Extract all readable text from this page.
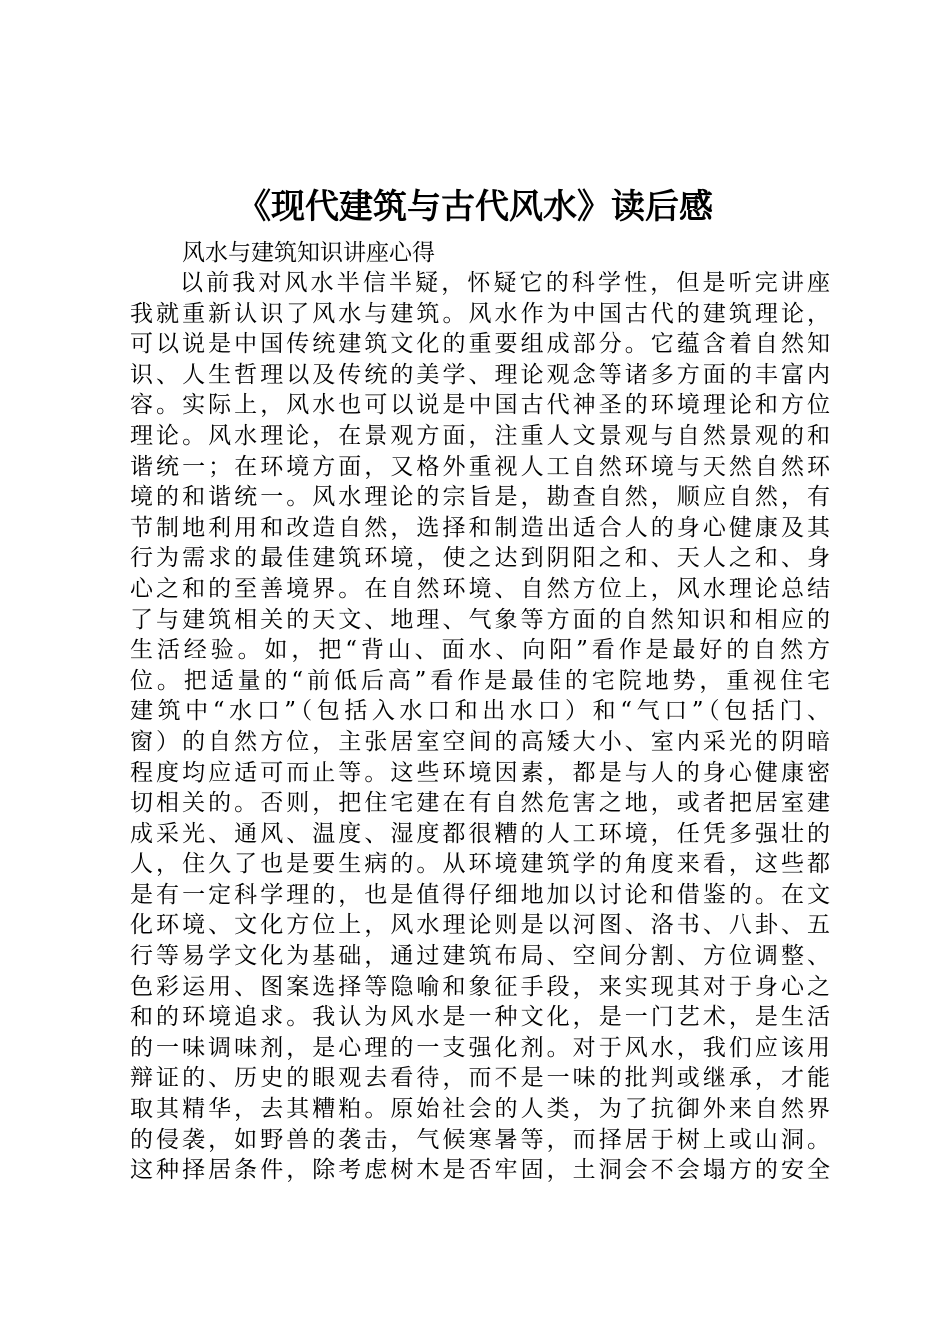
《现代建筑与古代风水》读后感

风水与建筑知识讲座心得

以前我对风水半信半疑，怀疑它的科学性，但是听完讲座
我就重新认识了风水与建筑。风水作为中国古代的建筑理论，
可以说是中国传统建筑文化的重要组成部分。它蕴含着自然知
识、人生哲理以及传统的美学、理论观念等诸多方面的丰富内
容。实际上，风水也可以说是中国古代神圣的环境理论和方位
理论。风水理论，在景观方面，注重人文景观与自然景观的和
谐统一；在环境方面，又格外重视人工自然环境与天然自然环
境的和谐统一。风水理论的宗旨是，勘查自然，顺应自然，有
节制地利用和改造自然，选择和制造出适合人的身心健康及其
行为需求的最佳建筑环境，使之达到阴阳之和、天人之和、身
心之和的至善境界。在自然环境、自然方位上，风水理论总结
了与建筑相关的天文、地理、气象等方面的自然知识和相应的
生活经验。如，把“背山、面水、向阳”看作是最好的自然方
位。把适量的“前低后高”看作是最佳的宅院地势，重视住宅
建筑中“水口”（包括入水口和出水口）和“气口”（包括门、
窗）的自然方位，主张居室空间的高矮大小、室内采光的阴暗
程度均应适可而止等。这些环境因素，都是与人的身心健康密
切相关的。否则，把住宅建在有自然危害之地，或者把居室建
成采光、通风、温度、湿度都很糟的人工环境，任凭多强壮的
人，住久了也是要生病的。从环境建筑学的角度来看，这些都
是有一定科学理的，也是值得仔细地加以讨论和借鉴的。在文
化环境、文化方位上，风水理论则是以河图、洛书、八卦、五
行等易学文化为基础，通过建筑布局、空间分割、方位调整、
色彩运用、图案选择等隐喻和象征手段，来实现其对于身心之
和的环境追求。我认为风水是一种文化，是一门艺术，是生活
的一味调味剂，是心理的一支强化剂。对于风水，我们应该用
辩证的、历史的眼观去看待，而不是一味的批判或继承，才能
取其精华，去其糟粕。原始社会的人类，为了抗御外来自然界
的侵袭，如野兽的袭击，气候寒暑等，而择居于树上或山洞。
这种择居条件，除考虑树木是否牢固，土洞会不会塌方的安全
